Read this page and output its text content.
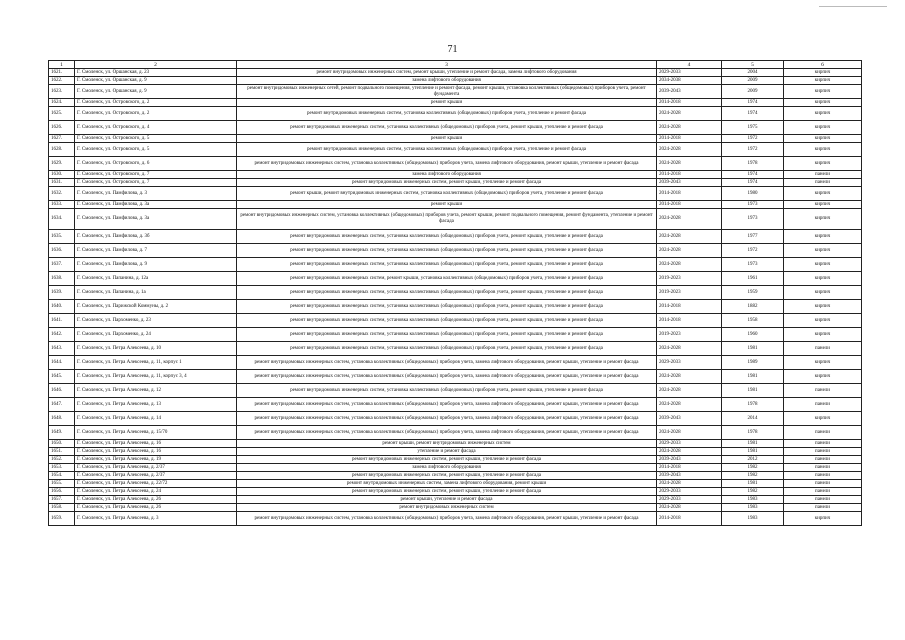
71
1	2	3	4	5	6
1621.	Г. Смоленск, ул. Оршанская, д. 23	ремонт внутридомовых инженерных систем, ремонт крыши, утепление и ремонт фасада, замена лифтового оборудования	2029-2033	2004	кирпич
1622.	Г. Смоленск, ул. Оршанская, д. 9	замена лифтового оборудования	2034-2038	2009	кирпич
1623.	Г. Смоленск, ул. Оршанская, д. 9	ремонт внутридомовых инженерных сетей, ремонт подвального помещения, утепление и ремонт фасада, ремонт крыши, установка коллективных (общедомовых) приборов учета, ремонт фундамента	2039-2043	2009	кирпич
1624.	Г. Смоленск, ул. Островского, д. 2	ремонт крыши	2014-2018	1974	кирпич
1625.	Г. Смоленск, ул. Островского, д. 2	ремонт внутридомовых инженерных систем, установка коллективных (общедомовых) приборов учета, утепление и ремонт фасада	2024-2028	1974	кирпич
1626.	Г. Смоленск, ул. Островского, д. 4	ремонт внутридомовых инженерных систем, установка коллективных (общедомовых) приборов учета, ремонт крыши, утепление и ремонт фасада	2024-2028	1975	кирпич
1627.	Г. Смоленск, ул. Островского, д. 5	ремонт крыши	2014-2018	1972	кирпич
1628.	Г. Смоленск, ул. Островского, д. 5	ремонт внутридомовых инженерных систем, установка коллективных (общедомовых) приборов учета, утепление и ремонт фасада	2024-2028	1972	кирпич
1629.	Г. Смоленск, ул. Островского, д. 6	ремонт внутридомовых инженерных систем, установка коллективных (общедомовых) приборов учета, замена лифтового оборудования, ремонт крыши, утепление и ремонт фасада	2024-2028	1978	кирпич
1630.	Г. Смоленск, ул. Островского, д. 7	замена лифтового оборудования	2014-2018	1974	панели
1631.	Г. Смоленск, ул. Островского, д. 7	ремонт внутридомовых инженерных систем, ремонт крыши, утепление и ремонт фасада	2039-2043	1974	панели
1632.	Г. Смоленск, ул. Памфилова, д. 3	ремонт крыши, ремонт внутридомовых инженерных систем, установка коллективных (общедомовых) приборов учета, утепление и ремонт фасада	2014-2018	1980	кирпич
1633.	Г. Смоленск, ул. Памфилова, д. 3а	ремонт крыши	2014-2018	1973	кирпич
1634.	Г. Смоленск, ул. Памфилова, д. 3а	ремонт внутридомовых инженерных систем, установка коллективных (общедомовых) приборов учета, ремонт крыши, ремонт подвального помещения, ремонт фундамента, утепление и ремонт фасада	2024-2028	1973	кирпич
1635.	Г. Смоленск, ул. Памфилова, д. 3б	ремонт внутридомовых инженерных систем, установка коллективных (общедомовых) приборов учета, ремонт крыши, утепление и ремонт фасада	2024-2028	1977	кирпич
1636.	Г. Смоленск, ул. Памфилова, д. 7	ремонт внутридомовых инженерных систем, установка коллективных (общедомовых) приборов учета, ремонт крыши, утепление и ремонт фасада	2024-2028	1972	кирпич
1637.	Г. Смоленск, ул. Памфилова, д. 9	ремонт внутридомовых инженерных систем, установка коллективных (общедомовых) приборов учета, ремонт крыши, утепление и ремонт фасада	2024-2028	1973	кирпич
1638.	Г. Смоленск, ул. Папанина, д. 12а	ремонт внутридомовых инженерных систем, ремонт крыши, установка коллективных (общедомовых) приборов учета, утепление и ремонт фасада	2019-2023	1961	кирпич
1639.	Г. Смоленск, ул. Папанина, д. 1а	ремонт внутридомовых инженерных систем, установка коллективных (общедомовых) приборов учета, ремонт крыши, утепление и ремонт фасада	2019-2023	1959	кирпич
1640.	Г. Смоленск, ул. Парижской Коммуны, д. 2	ремонт внутридомовых инженерных систем, установка коллективных (общедомовых) приборов учета, ремонт крыши, утепление и ремонт фасада	2014-2018	1882	кирпич
1641.	Г. Смоленск, ул. Пархоменко, д. 23	ремонт внутридомовых инженерных систем, установка коллективных (общедомовых) приборов учета, ремонт крыши, утепление и ремонт фасада	2014-2018	1958	кирпич
1642.	Г. Смоленск, ул. Пархоменко, д. 24	ремонт внутридомовых инженерных систем, установка коллективных (общедомовых) приборов учета, ремонт крыши, утепление и ремонт фасада	2019-2023	1960	кирпич
1643.	Г. Смоленск, ул. Петра Алексеева, д. 10	ремонт внутридомовых инженерных систем, установка коллективных (общедомовых) приборов учета, ремонт крыши, утепление и ремонт фасада	2024-2028	1981	панели
1644.	Г. Смоленск, ул. Петра Алексеева, д. 11, корпус 1	ремонт внутридомовых инженерных систем, установка коллективных (общедомовых) приборов учета, замена лифтового оборудования, ремонт крыши, утепление и ремонт фасада	2029-2033	1989	кирпич
1645.	Г. Смоленск, ул. Петра Алексеева, д. 11, корпус 3, 4	ремонт внутридомовых инженерных систем, установка коллективных (общедомовых) приборов учета, замена лифтового оборудования, ремонт крыши, утепление и ремонт фасада	2024-2028	1981	кирпич
1646.	Г. Смоленск, ул. Петра Алексеева, д. 12	ремонт внутридомовых инженерных систем, установка коллективных (общедомовых) приборов учета, ремонт крыши, утепление и ремонт фасада	2024-2028	1981	панели
1647.	Г. Смоленск, ул. Петра Алексеева, д. 13	ремонт внутридомовых инженерных систем, установка коллективных (общедомовых) приборов учета, замена лифтового оборудования, ремонт крыши, утепление и ремонт фасада	2024-2028	1978	панели
1648.	Г. Смоленск, ул. Петра Алексеева, д. 14	ремонт внутридомовых инженерных систем, установка коллективных (общедомовых) приборов учета, замена лифтового оборудования, ремонт крыши, утепление и ремонт фасада	2039-2043	2014	кирпич
1649.	Г. Смоленск, ул. Петра Алексеева, д. 15/70	ремонт внутридомовых инженерных систем, установка коллективных (общедомовых) приборов учета, замена лифтового оборудования, ремонт крыши, утепление и ремонт фасада	2024-2028	1978	панели
1650.	Г. Смоленск, ул. Петра Алексеева, д. 16	ремонт крыши, ремонт внутридомовых инженерных систем	2029-2033	1981	панели
1651.	Г. Смоленск, ул. Петра Алексеева, д. 16	утепление и ремонт фасада	2024-2028	1981	панели
1652.	Г. Смоленск, ул. Петра Алексеева, д. 19	ремонт внутридомовых инженерных систем, ремонт крыши, утепление и ремонт фасада	2039-2043	2012	панели
1653.	Г. Смоленск, ул. Петра Алексеева, д. 2/37	замена лифтового оборудования	2014-2018	1982	панели
1654.	Г. Смоленск, ул. Петра Алексеева, д. 2/37	ремонт внутридомовых инженерных систем, ремонт крыши, утепление и ремонт фасада	2039-2043	1982	панели
1655.	Г. Смоленск, ул. Петра Алексеева, д. 22/72	ремонт внутридомовых инженерных систем, замена лифтового оборудования, ремонт крыши	2024-2028	1981	панели
1656.	Г. Смоленск, ул. Петра Алексеева, д. 24	ремонт внутридомовых инженерных систем, ремонт крыши, утепление и ремонт фасада	2029-2033	1982	панели
1657.	Г. Смоленск, ул. Петра Алексеева, д. 26	ремонт крыши, утепление и ремонт фасада	2029-2033	1983	панели
1658.	Г. Смоленск, ул. Петра Алексеева, д. 26	ремонт внутридомовых инженерных систем	2024-2028	1983	панели
1659.	Г. Смоленск, ул. Петра Алексеева, д. 3	ремонт внутридомовых инженерных систем, установка коллективных (общедомовых) приборов учета, замена лифтового оборудования, ремонт крыши, утепление и ремонт фасада	2014-2018	1983	кирпич
